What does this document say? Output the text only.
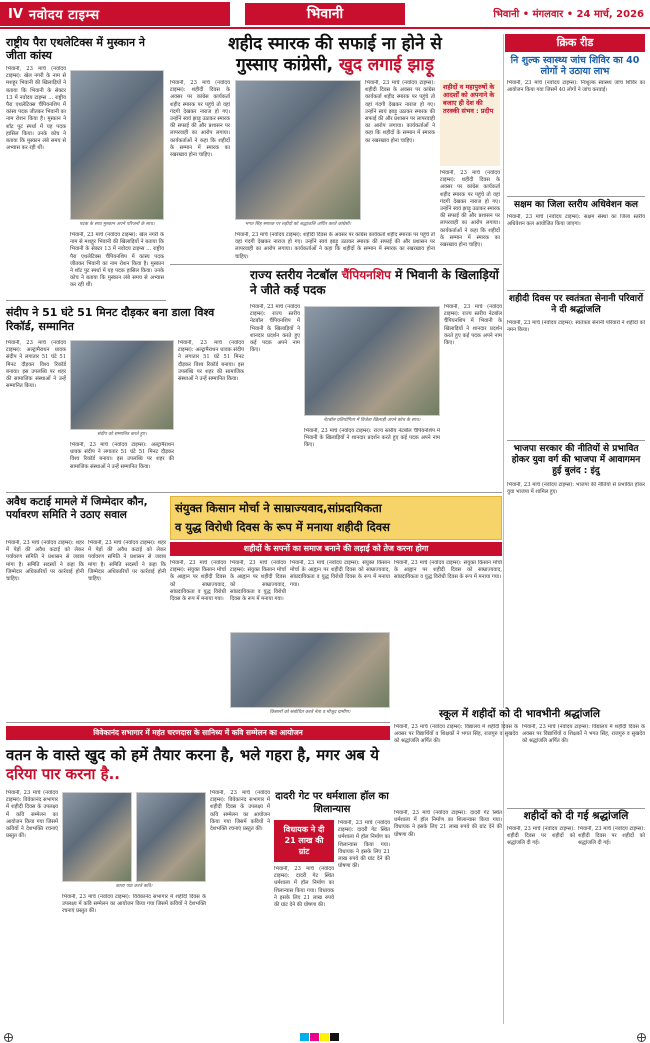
IV नवोदय टाइम्स	भिवानी	भिवानी • मंगलवार • 24 मार्च, 2026
राष्ट्रीय पैरा एथलेटिक्स में मुस्कान ने जीता कांस्य

भिवानी, 23 मार्च (नवोदय टाइम्स): खेल नगरी के नाम से मशहूर भिवानी की खिलाड़ियों ने बताया कि भिवानी के सेक्टर 13 में नवोदय टाइम्स ... राष्ट्रीय पैरा एथलेटिक्स चैंपियनशिप में कांस्य पदक जीतकर भिवानी का नाम रोशन किया है। मुस्कान ने शॉट पुट स्पर्धा में यह पदक हासिल किया। उनके कोच ने बताया कि मुस्कान लंबे समय से अभ्यास कर रही थीं।

पदक के साथ मुस्कान अपने परिजनों के साथ।

भिवानी, 23 मार्च (नवोदय टाइम्स): खेल नगरी के नाम से मशहूर भिवानी की खिलाड़ियों ने बताया कि भिवानी के सेक्टर 13 में नवोदय टाइम्स ... राष्ट्रीय पैरा एथलेटिक्स चैंपियनशिप में कांस्य पदक जीतकर भिवानी का नाम रोशन किया है। मुस्कान ने शॉट पुट स्पर्धा में यह पदक हासिल किया। उनके कोच ने बताया कि मुस्कान लंबे समय से अभ्यास कर रही थीं।

शहीद स्मारक की सफाई ना होने से
गुस्साए कांग्रेसी, खुद लगाई झाड़ू

भिवानी, 23 मार्च (नवोदय टाइम्स): शहीदी दिवस के अवसर पर कांग्रेस कार्यकर्ता शहीद स्मारक पर पहुंचे तो वहां गंदगी देखकर नाराज हो गए। उन्होंने स्वयं झाड़ू उठाकर स्मारक की सफाई की और प्रशासन पर लापरवाही का आरोप लगाया। कार्यकर्ताओं ने कहा कि शहीदों के सम्मान में स्मारक का रखरखाव होना चाहिए।

भगत सिंह स्मारक पर शहीदों को श्रद्धांजलि अर्पित करते कांग्रेसी।

भिवानी, 23 मार्च (नवोदय टाइम्स): शहीदी दिवस के अवसर पर कांग्रेस कार्यकर्ता शहीद स्मारक पर पहुंचे तो वहां गंदगी देखकर नाराज हो गए। उन्होंने स्वयं झाड़ू उठाकर स्मारक की सफाई की और प्रशासन पर लापरवाही का आरोप लगाया। कार्यकर्ताओं ने कहा कि शहीदों के सम्मान में स्मारक का रखरखाव होना चाहिए।

शहीदों व महापुरुषों के आदर्शों को अपनाने के बजाए ही देश की तरक्की संभव : प्रदीप

भिवानी, 23 मार्च (नवोदय टाइम्स): शहीदी दिवस के अवसर पर कांग्रेस कार्यकर्ता शहीद स्मारक पर पहुंचे तो वहां गंदगी देखकर नाराज हो गए। उन्होंने स्वयं झाड़ू उठाकर स्मारक की सफाई की और प्रशासन पर लापरवाही का आरोप लगाया। कार्यकर्ताओं ने कहा कि शहीदों के सम्मान में स्मारक का रखरखाव होना चाहिए।

भिवानी, 23 मार्च (नवोदय टाइम्स): शहीदी दिवस के अवसर पर कांग्रेस कार्यकर्ता शहीद स्मारक पर पहुंचे तो वहां गंदगी देखकर नाराज हो गए। उन्होंने स्वयं झाड़ू उठाकर स्मारक की सफाई की और प्रशासन पर लापरवाही का आरोप लगाया। कार्यकर्ताओं ने कहा कि शहीदों के सम्मान में स्मारक का रखरखाव होना चाहिए।

संदीप ने 51 घंटे 51 मिनट दौड़कर बना डाला विश्व रिकॉर्ड, सम्मानित

भिवानी, 23 मार्च (नवोदय टाइम्स): अल्ट्रामैराथन धावक संदीप ने लगातार 51 घंटे 51 मिनट दौड़कर विश्व रिकॉर्ड बनाया। इस उपलब्धि पर शहर की सामाजिक संस्थाओं ने उन्हें सम्मानित किया।

संदीप को सम्मानित करते हुए।

भिवानी, 23 मार्च (नवोदय टाइम्स): अल्ट्रामैराथन धावक संदीप ने लगातार 51 घंटे 51 मिनट दौड़कर विश्व रिकॉर्ड बनाया। इस उपलब्धि पर शहर की सामाजिक संस्थाओं ने उन्हें सम्मानित किया।

भिवानी, 23 मार्च (नवोदय टाइम्स): अल्ट्रामैराथन धावक संदीप ने लगातार 51 घंटे 51 मिनट दौड़कर विश्व रिकॉर्ड बनाया। इस उपलब्धि पर शहर की सामाजिक संस्थाओं ने उन्हें सम्मानित किया।

राज्य स्तरीय नेटबॉल चैंपियनशिप में भिवानी के खिलाड़ियों ने जीते कई पदक

भिवानी, 23 मार्च (नवोदय टाइम्स): राज्य स्तरीय नेटबॉल चैंपियनशिप में भिवानी के खिलाड़ियों ने शानदार प्रदर्शन करते हुए कई पदक अपने नाम किए।

नेटबॉल प्रतियोगिता में विजेता खिलाड़ी अपने कोच के साथ।

भिवानी, 23 मार्च (नवोदय टाइम्स): राज्य स्तरीय नेटबॉल चैंपियनशिप में भिवानी के खिलाड़ियों ने शानदार प्रदर्शन करते हुए कई पदक अपने नाम किए।

भिवानी, 23 मार्च (नवोदय टाइम्स): राज्य स्तरीय नेटबॉल चैंपियनशिप में भिवानी के खिलाड़ियों ने शानदार प्रदर्शन करते हुए कई पदक अपने नाम किए।

अवैध कटाई मामले में जिम्मेदार कौन, पर्यावरण समिति ने उठाए सवाल

भिवानी, 23 मार्च (नवोदय टाइम्स): शहर में पेड़ों की अवैध कटाई को लेकर पर्यावरण समिति ने प्रशासन से जवाब मांगा है। समिति सदस्यों ने कहा कि जिम्मेदार अधिकारियों पर कार्रवाई होनी चाहिए।

भिवानी, 23 मार्च (नवोदय टाइम्स): शहर में पेड़ों की अवैध कटाई को लेकर पर्यावरण समिति ने प्रशासन से जवाब मांगा है। समिति सदस्यों ने कहा कि जिम्मेदार अधिकारियों पर कार्रवाई होनी चाहिए।

संयुक्त किसान मोर्चा ने साम्राज्यवाद,सांप्रदायिकता
व युद्ध विरोधी दिवस के रूप में मनाया शहीदी दिवस
शहीदों के सपनों का समाज बनाने की लड़ाई को तेज करना होगा

भिवानी, 23 मार्च (नवोदय टाइम्स): संयुक्त किसान मोर्चा के आह्वान पर शहीदी दिवस को साम्राज्यवाद, सांप्रदायिकता व युद्ध विरोधी दिवस के रूप में मनाया गया।

भिवानी, 23 मार्च (नवोदय टाइम्स): संयुक्त किसान मोर्चा के आह्वान पर शहीदी दिवस को साम्राज्यवाद, सांप्रदायिकता व युद्ध विरोधी दिवस के रूप में मनाया गया।

किसानों को संबोधित करते नेता व मौजूद ग्रामीण।

भिवानी, 23 मार्च (नवोदय टाइम्स): संयुक्त किसान मोर्चा के आह्वान पर शहीदी दिवस को साम्राज्यवाद, सांप्रदायिकता व युद्ध विरोधी दिवस के रूप में मनाया गया।

भिवानी, 23 मार्च (नवोदय टाइम्स): संयुक्त किसान मोर्चा के आह्वान पर शहीदी दिवस को साम्राज्यवाद, सांप्रदायिकता व युद्ध विरोधी दिवस के रूप में मनाया गया।

क्रिक रीड
नि शुल्क स्वास्थ्य जांच शिविर का 40 लोगों ने उठाया लाभ

भिवानी, 23 मार्च (नवोदय टाइम्स): निःशुल्क स्वास्थ्य जांच शिविर का आयोजन किया गया जिसमें 40 लोगों ने जांच करवाई।

सक्षम का जिला स्तरीय अधिवेशन कल

भिवानी, 23 मार्च (नवोदय टाइम्स): सक्षम संस्था का जिला स्तरीय अधिवेशन कल आयोजित किया जाएगा।

शहीदी दिवस पर स्वतंत्रता सेनानी परिवारों ने दी श्रद्धांजलि

भिवानी, 23 मार्च (नवोदय टाइम्स): स्वतंत्रता सेनानी परिवारों ने शहीदों को नमन किया।

भाजपा सरकार की नीतियों से प्रभावित होकर युवा वर्ग की भाजपा में आवागमन हुई बुलंद : इंदु

भिवानी, 23 मार्च (नवोदय टाइम्स): भाजपा की नीतियों से प्रभावित होकर युवा भाजपा में शामिल हुए।

स्कूल में शहीदों को दी भावभीनी श्रद्धांजलि

भिवानी, 23 मार्च (नवोदय टाइम्स): विद्यालय में शहीदी दिवस के अवसर पर विद्यार्थियों व शिक्षकों ने भगत सिंह, राजगुरु व सुखदेव को श्रद्धांजलि अर्पित की।

भिवानी, 23 मार्च (नवोदय टाइम्स): विद्यालय में शहीदी दिवस के अवसर पर विद्यार्थियों व शिक्षकों ने भगत सिंह, राजगुरु व सुखदेव को श्रद्धांजलि अर्पित की।

शहीदों को दी गई श्रद्धांजलि

भिवानी, 23 मार्च (नवोदय टाइम्स): शहीदी दिवस पर शहीदों को श्रद्धांजलि दी गई।

भिवानी, 23 मार्च (नवोदय टाइम्स): शहीदी दिवस पर शहीदों को श्रद्धांजलि दी गई।

विवेकानंद सभागार में महंत चरणदास के सानिध्य में कवि सम्मेलन का आयोजन
वतन के वास्ते खुद को हमें तैयार करना है, भले गहरा है, मगर अब ये दरिया पार करना है..

भिवानी, 23 मार्च (नवोदय टाइम्स): विवेकानंद सभागार में शहीदी दिवस के उपलक्ष्य में कवि सम्मेलन का आयोजन किया गया जिसमें कवियों ने देशभक्ति रचनाएं प्रस्तुत कीं।

काव्य पाठ करते कवि।

भिवानी, 23 मार्च (नवोदय टाइम्स): विवेकानंद सभागार में शहीदी दिवस के उपलक्ष्य में कवि सम्मेलन का आयोजन किया गया जिसमें कवियों ने देशभक्ति रचनाएं प्रस्तुत कीं।

भिवानी, 23 मार्च (नवोदय टाइम्स): विवेकानंद सभागार में शहीदी दिवस के उपलक्ष्य में कवि सम्मेलन का आयोजन किया गया जिसमें कवियों ने देशभक्ति रचनाएं प्रस्तुत कीं।

दादरी गेट पर धर्मशाला हॉल का शिलान्यास
विधायक ने दी 21 लाख की ग्रांट

भिवानी, 23 मार्च (नवोदय टाइम्स): दादरी गेट स्थित धर्मशाला में हॉल निर्माण का शिलान्यास किया गया। विधायक ने इसके लिए 21 लाख रुपये की ग्रांट देने की घोषणा की।

भिवानी, 23 मार्च (नवोदय टाइम्स): दादरी गेट स्थित धर्मशाला में हॉल निर्माण का शिलान्यास किया गया। विधायक ने इसके लिए 21 लाख रुपये की ग्रांट देने की घोषणा की।

भिवानी, 23 मार्च (नवोदय टाइम्स): दादरी गेट स्थित धर्मशाला में हॉल निर्माण का शिलान्यास किया गया। विधायक ने इसके लिए 21 लाख रुपये की ग्रांट देने की घोषणा की।
